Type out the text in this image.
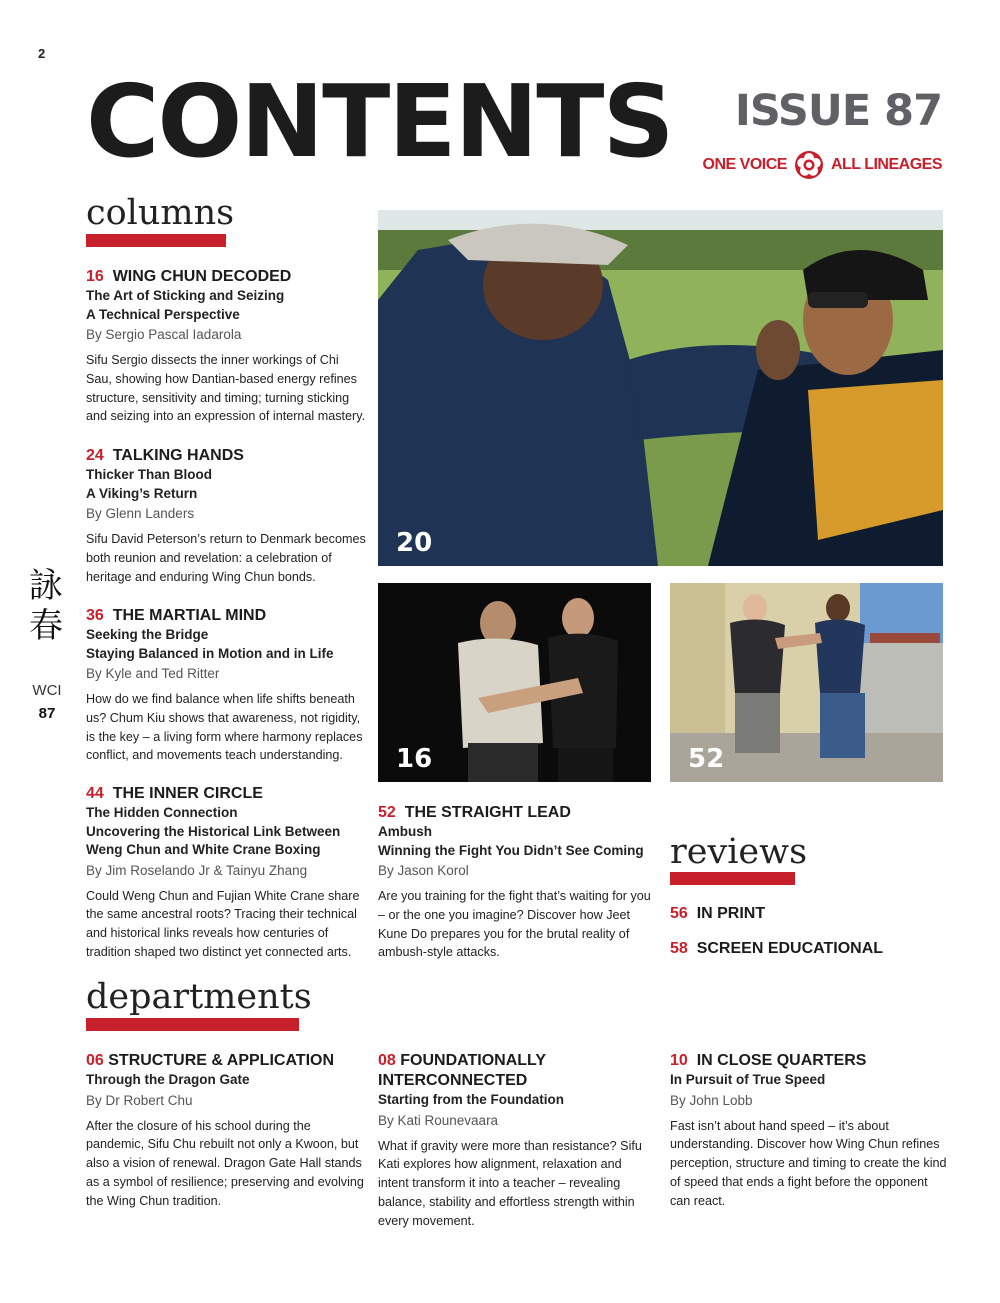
2
CONTENTS ISSUE 87
ONE VOICE	ALL LINEAGES
詠
春
WCI
87
columns
16 WING CHUN DECODED
The Art of Sticking and Seizing
A Technical Perspective
By Sergio Pascal Iadarola
Sifu Sergio dissects the inner workings of Chi Sau, showing how Dantian-based energy refines structure, sensitivity and timing; turning sticking and seizing into an expression of internal mastery.
24 TALKING HANDS
Thicker Than Blood
A Viking’s Return
By Glenn Landers
Sifu David Peterson’s return to Denmark becomes both reunion and revelation: a celebration of heritage and enduring Wing Chun bonds.
36 THE MARTIAL MIND
Seeking the Bridge
Staying Balanced in Motion and in Life
By Kyle and Ted Ritter
How do we find balance when life shifts beneath us? Chum Kiu shows that awareness, not rigidity, is the key – a living form where harmony replaces conflict, and movements teach understanding.
44 THE INNER CIRCLE
The Hidden Connection
Uncovering the Historical Link Between
Weng Chun and White Crane Boxing
By Jim Roselando Jr & Tainyu Zhang
Could Weng Chun and Fujian White Crane share the same ancestral roots? Tracing their technical and historical links reveals how centuries of tradition shaped two distinct yet connected arts.
52 THE STRAIGHT LEAD
Ambush
Winning the Fight You Didn’t See Coming
By Jason Korol
Are you training for the fight that’s waiting for you – or the one you imagine? Discover how Jeet Kune Do prepares you for the brutal reality of ambush-style attacks.
20
16	52
reviews
56 IN PRINT
58 SCREEN EDUCATIONAL
departments
06 STRUCTURE & APPLICATION
Through the Dragon Gate
By Dr Robert Chu
After the closure of his school during the pandemic, Sifu Chu rebuilt not only a Kwoon, but also a vision of renewal. Dragon Gate Hall stands as a symbol of resilience; preserving and evolving the Wing Chun tradition.
08 FOUNDATIONALLY
INTERCONNECTED
Starting from the Foundation
By Kati Rounevaara
What if gravity were more than resistance? Sifu Kati explores how alignment, relaxation and intent transform it into a teacher – revealing balance, stability and effortless strength within every movement.
10 IN CLOSE QUARTERS
In Pursuit of True Speed
By John Lobb
Fast isn’t about hand speed – it’s about understanding. Discover how Wing Chun refines perception, structure and timing to create the kind of speed that ends a fight before the opponent can react.
